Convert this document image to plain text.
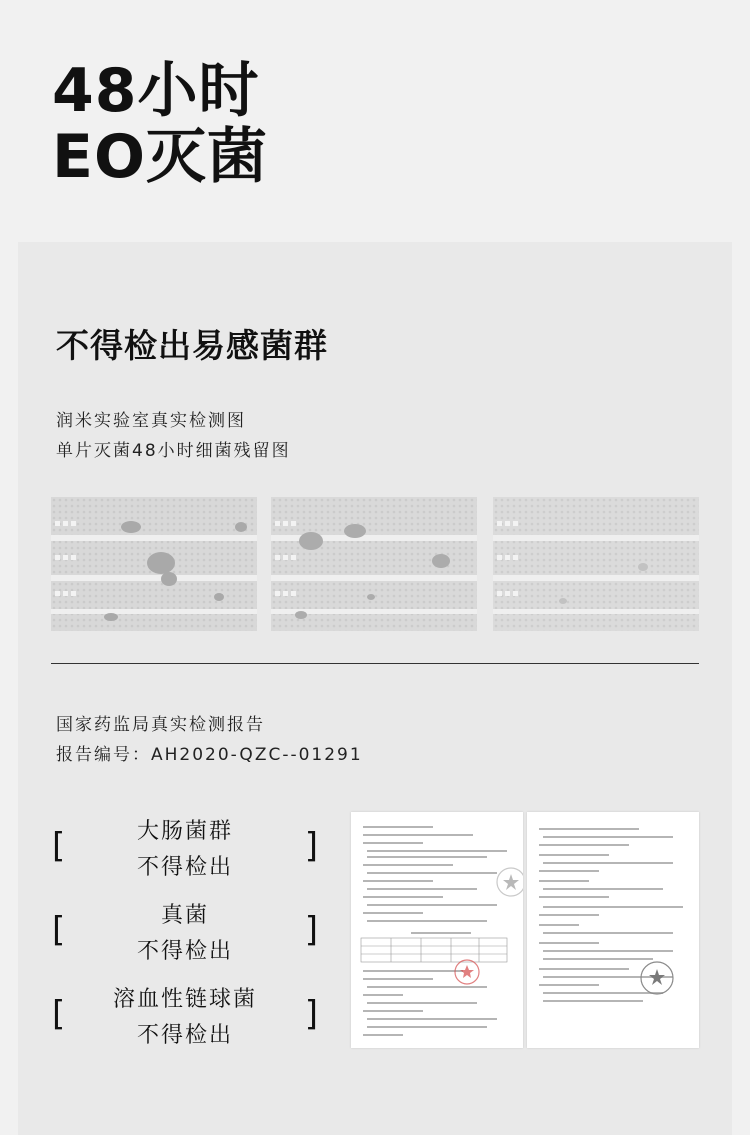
48小时
EO灭菌
不得检出易感菌群
润米实验室真实检测图
单片灭菌48小时细菌残留图
国家药监局真实检测报告
报告编号：AH2020-QZC--01291
[	大肠菌群
不得检出
]
[	真菌
不得检出
]
[	溶血性链球菌
不得检出
]
